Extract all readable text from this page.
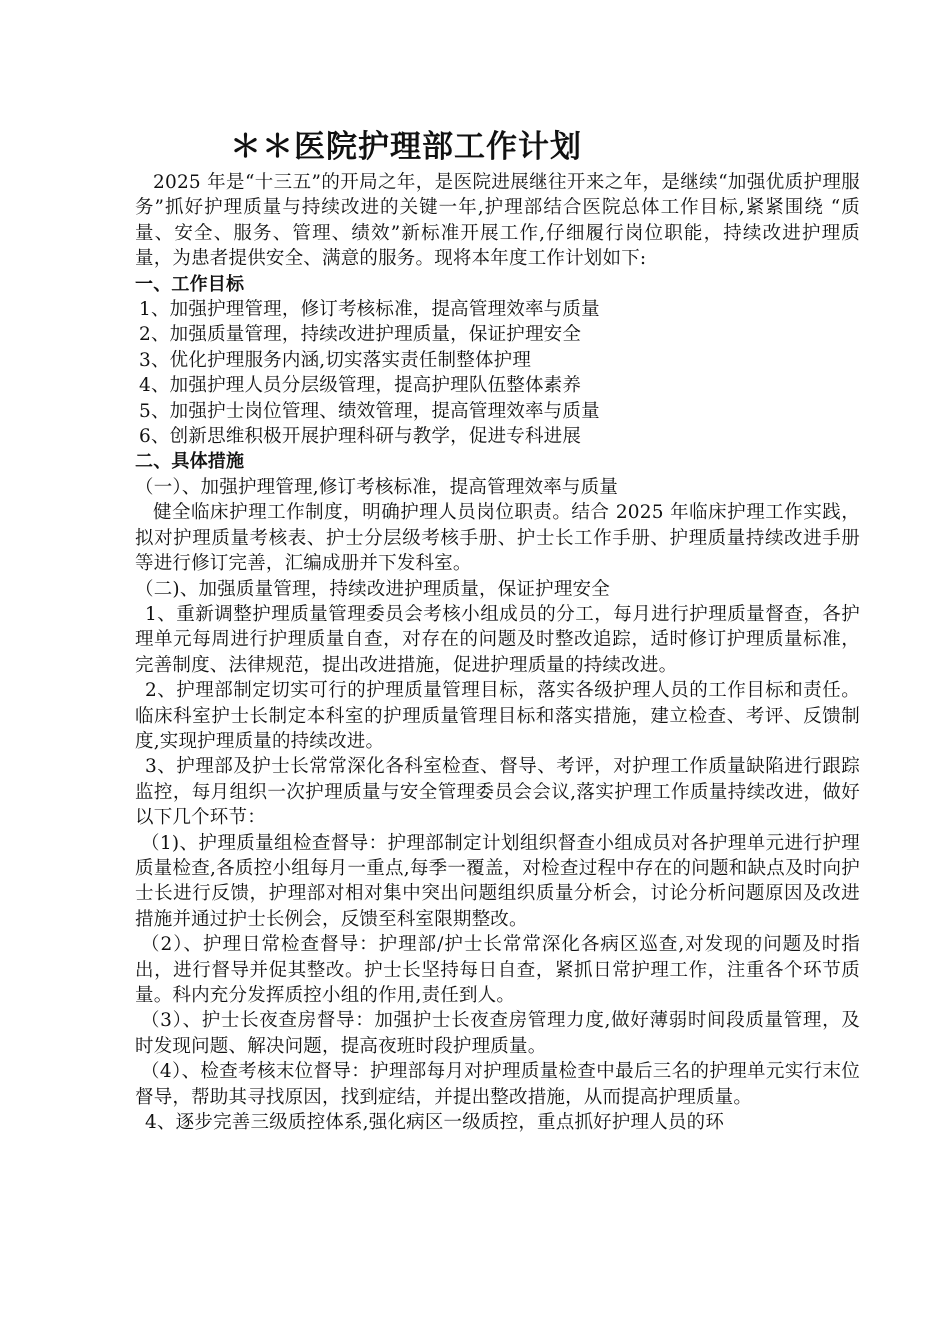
＊＊医院护理部工作计划

2025 年是“十三五”的开局之年，是医院进展继往开来之年，是继续“加强优质护理服务”抓好护理质量与持续改进的关键一年,护理部结合医院总体工作目标,紧紧围绕 “质量、安全、服务、管理、绩效”新标准开展工作,仔细履行岗位职能，持续改进护理质量，为患者提供安全、满意的服务。现将本年度工作计划如下:

一、工作目标

1、加强护理管理，修订考核标准，提高管理效率与质量

2、加强质量管理，持续改进护理质量，保证护理安全

3、优化护理服务内涵,切实落实责任制整体护理

4、加强护理人员分层级管理，提高护理队伍整体素养

5、加强护士岗位管理、绩效管理，提高管理效率与质量

6、创新思维积极开展护理科研与教学，促进专科进展

二、具体措施

（一）、加强护理管理,修订考核标准，提高管理效率与质量

健全临床护理工作制度，明确护理人员岗位职责。结合 2025 年临床护理工作实践，拟对护理质量考核表、护士分层级考核手册、护士长工作手册、护理质量持续改进手册等进行修订完善，汇编成册并下发科室。

（二)、加强质量管理，持续改进护理质量，保证护理安全

1、重新调整护理质量管理委员会考核小组成员的分工，每月进行护理质量督查，各护理单元每周进行护理质量自查，对存在的问题及时整改追踪，适时修订护理质量标准，完善制度、法律规范，提出改进措施，促进护理质量的持续改进。

2、护理部制定切实可行的护理质量管理目标，落实各级护理人员的工作目标和责任。临床科室护士长制定本科室的护理质量管理目标和落实措施，建立检查、考评、反馈制度,实现护理质量的持续改进。

3、护理部及护士长常常深化各科室检查、督导、考评，对护理工作质量缺陷进行跟踪监控，每月组织一次护理质量与安全管理委员会会议,落实护理工作质量持续改进，做好以下几个环节：

（1)、护理质量组检查督导：护理部制定计划组织督查小组成员对各护理单元进行护理质量检查,各质控小组每月一重点,每季一覆盖，对检查过程中存在的问题和缺点及时向护士长进行反馈，护理部对相对集中突出问题组织质量分析会，讨论分析问题原因及改进措施并通过护士长例会，反馈至科室限期整改。

（2）、护理日常检查督导：护理部/护士长常常深化各病区巡查,对发现的问题及时指出，进行督导并促其整改。护士长坚持每日自查，紧抓日常护理工作，注重各个环节质量。科内充分发挥质控小组的作用,责任到人。

（3）、护士长夜查房督导：加强护士长夜查房管理力度,做好薄弱时间段质量管理，及时发现问题、解决问题，提高夜班时段护理质量。

（4）、检查考核末位督导：护理部每月对护理质量检查中最后三名的护理单元实行末位督导，帮助其寻找原因，找到症结，并提出整改措施，从而提高护理质量。

4、逐步完善三级质控体系,强化病区一级质控，重点抓好护理人员的环
